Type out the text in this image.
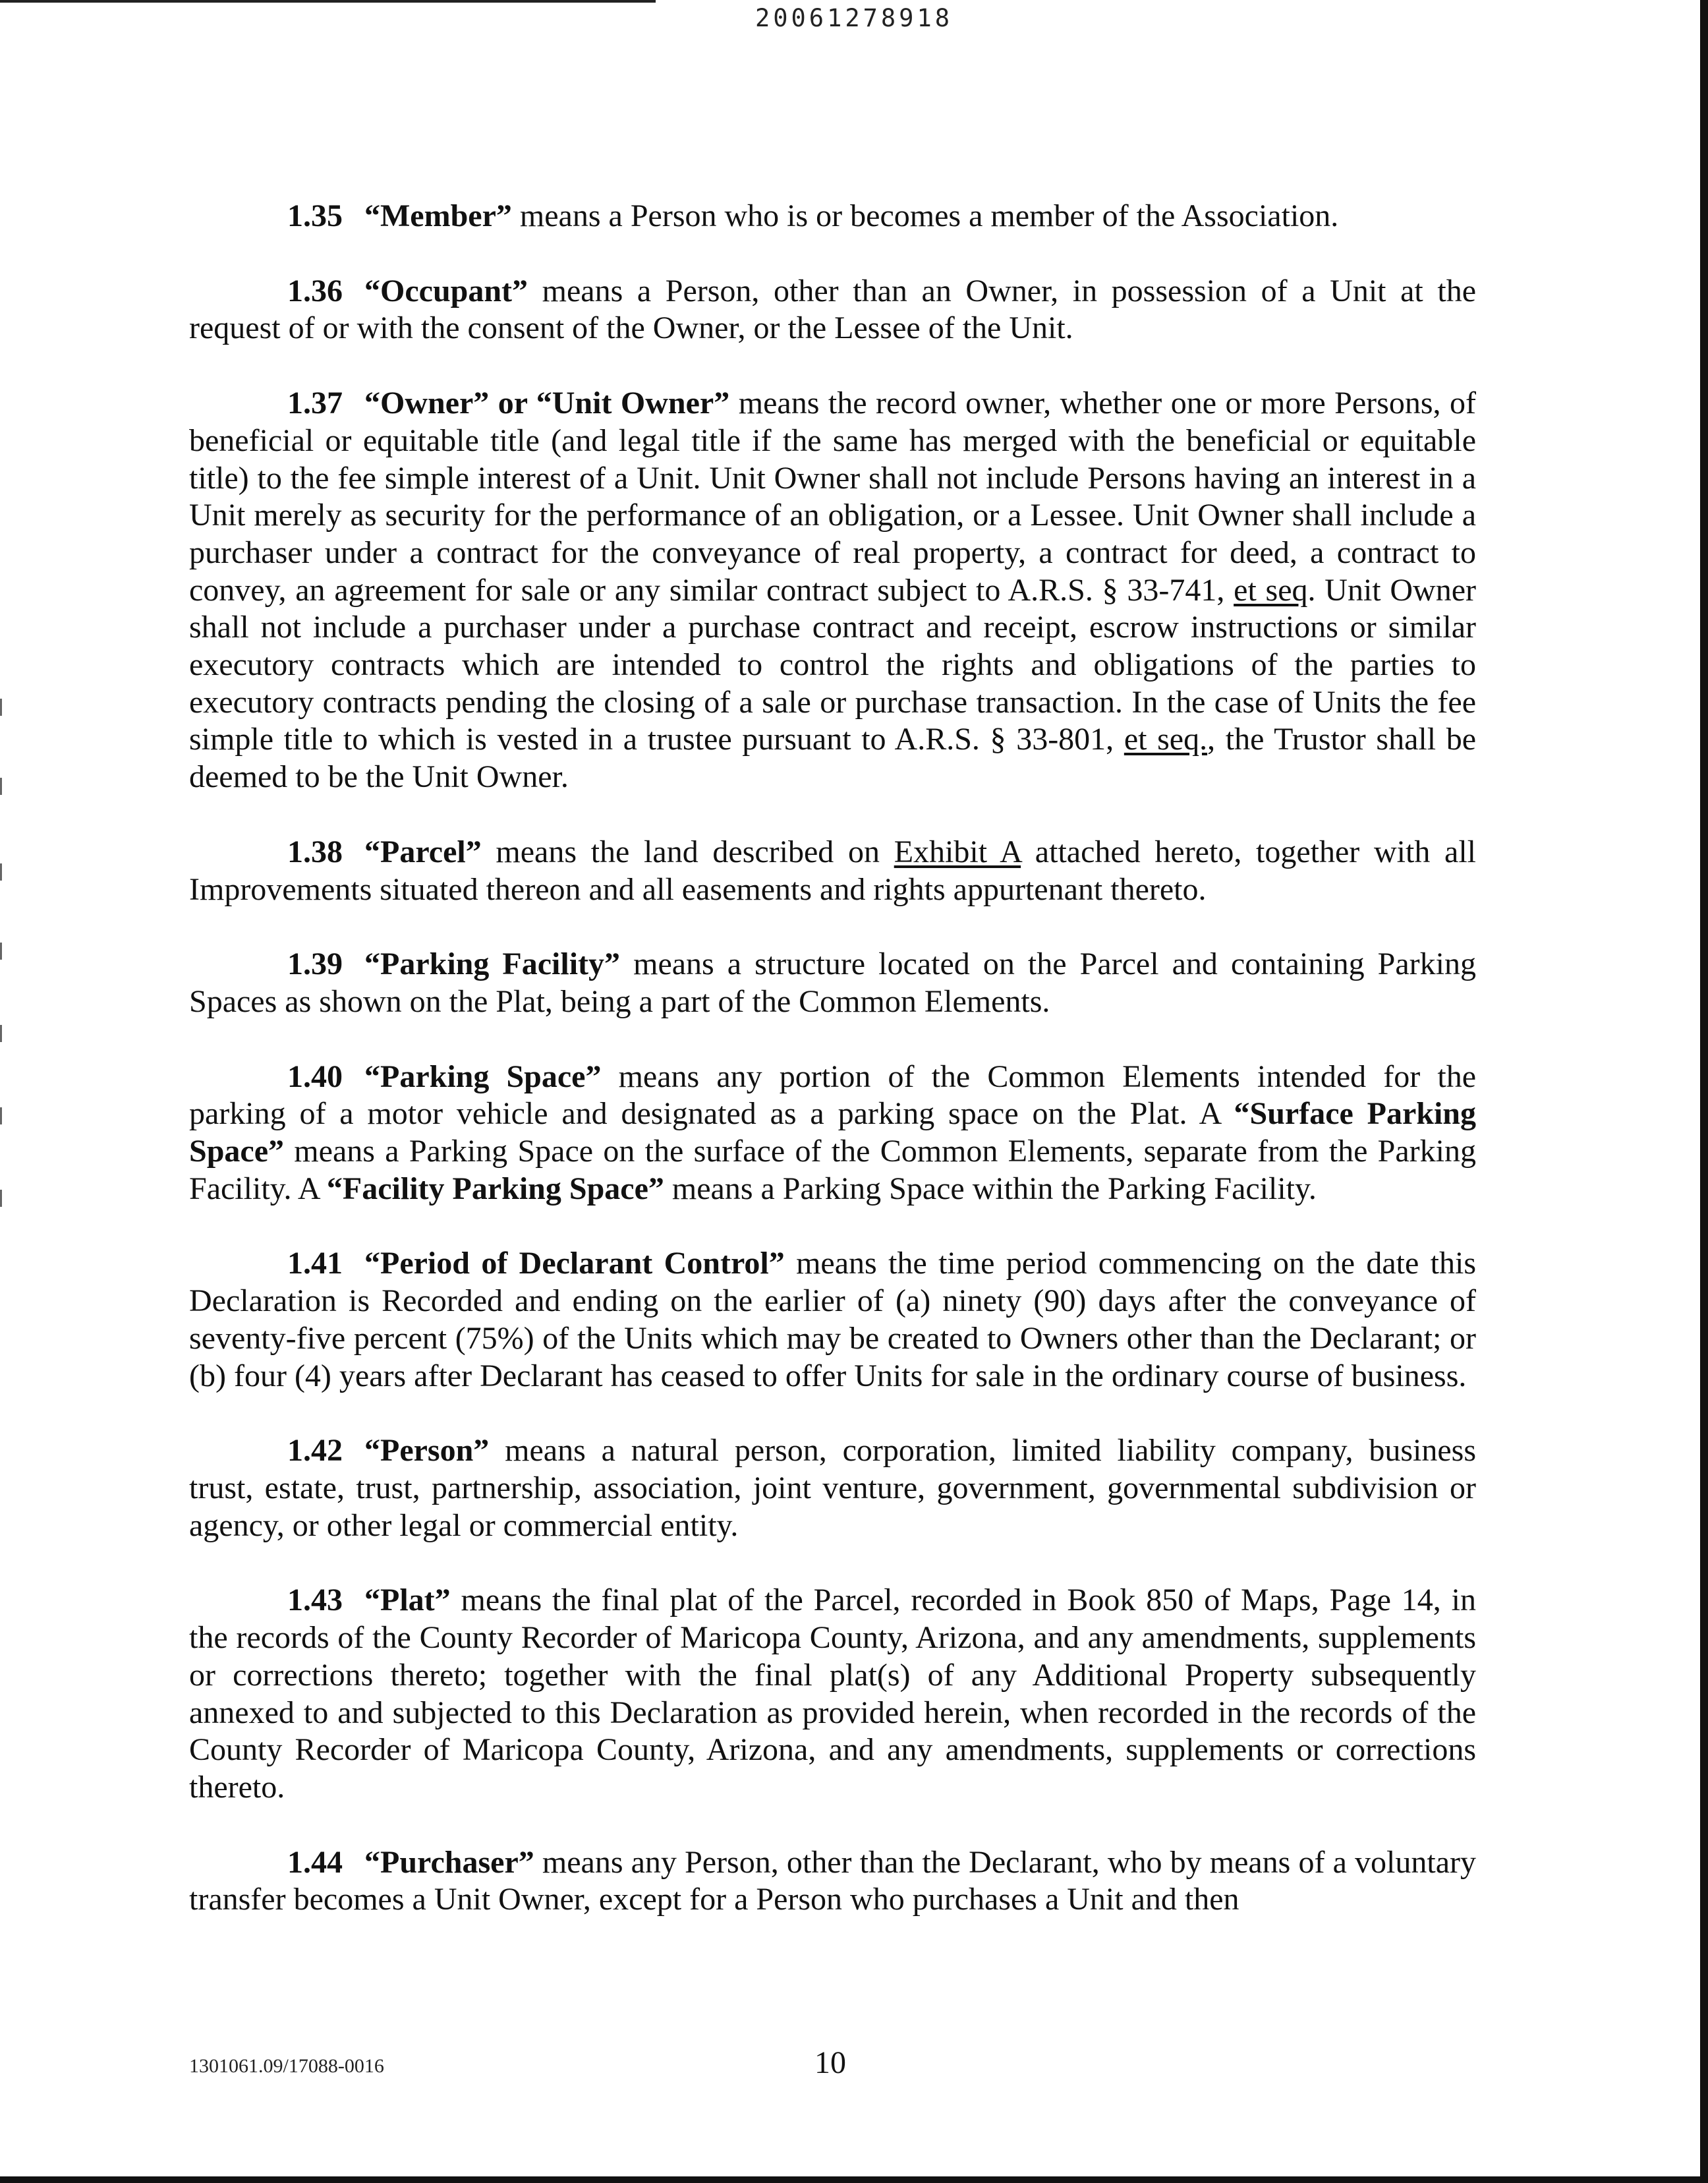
20061278918

1.35 “Member” means a Person who is or becomes a member of the Association.

1.36 “Occupant” means a Person, other than an Owner, in possession of a Unit at the request of or with the consent of the Owner, or the Lessee of the Unit.

1.37 “Owner” or “Unit Owner” means the record owner, whether one or more Persons, of beneficial or equitable title (and legal title if the same has merged with the beneficial or equitable title) to the fee simple interest of a Unit. Unit Owner shall not include Persons having an interest in a Unit merely as security for the performance of an obligation, or a Lessee. Unit Owner shall include a purchaser under a contract for the conveyance of real property, a contract for deed, a contract to convey, an agreement for sale or any similar contract subject to A.R.S. § 33-741, et seq. Unit Owner shall not include a purchaser under a purchase contract and receipt, escrow instructions or similar executory contracts which are intended to control the rights and obligations of the parties to executory contracts pending the closing of a sale or purchase transaction. In the case of Units the fee simple title to which is vested in a trustee pursuant to A.R.S. § 33-801, et seq., the Trustor shall be deemed to be the Unit Owner.

1.38 “Parcel” means the land described on Exhibit A attached hereto, together with all Improvements situated thereon and all easements and rights appurtenant thereto.

1.39 “Parking Facility” means a structure located on the Parcel and containing Parking Spaces as shown on the Plat, being a part of the Common Elements.

1.40 “Parking Space” means any portion of the Common Elements intended for the parking of a motor vehicle and designated as a parking space on the Plat. A “Surface Parking Space” means a Parking Space on the surface of the Common Elements, separate from the Parking Facility. A “Facility Parking Space” means a Parking Space within the Parking Facility.

1.41 “Period of Declarant Control” means the time period commencing on the date this Declaration is Recorded and ending on the earlier of (a) ninety (90) days after the conveyance of seventy-five percent (75%) of the Units which may be created to Owners other than the Declarant; or (b) four (4) years after Declarant has ceased to offer Units for sale in the ordinary course of business.

1.42 “Person” means a natural person, corporation, limited liability company, business trust, estate, trust, partnership, association, joint venture, government, governmental subdivision or agency, or other legal or commercial entity.

1.43 “Plat” means the final plat of the Parcel, recorded in Book 850 of Maps, Page 14, in the records of the County Recorder of Maricopa County, Arizona, and any amendments, supplements or corrections thereto; together with the final plat(s) of any Additional Property subsequently annexed to and subjected to this Declaration as provided herein, when recorded in the records of the County Recorder of Maricopa County, Arizona, and any amendments, supplements or corrections thereto.

1.44 “Purchaser” means any Person, other than the Declarant, who by means of a voluntary transfer becomes a Unit Owner, except for a Person who purchases a Unit and then

1301061.09/17088-0016	10
